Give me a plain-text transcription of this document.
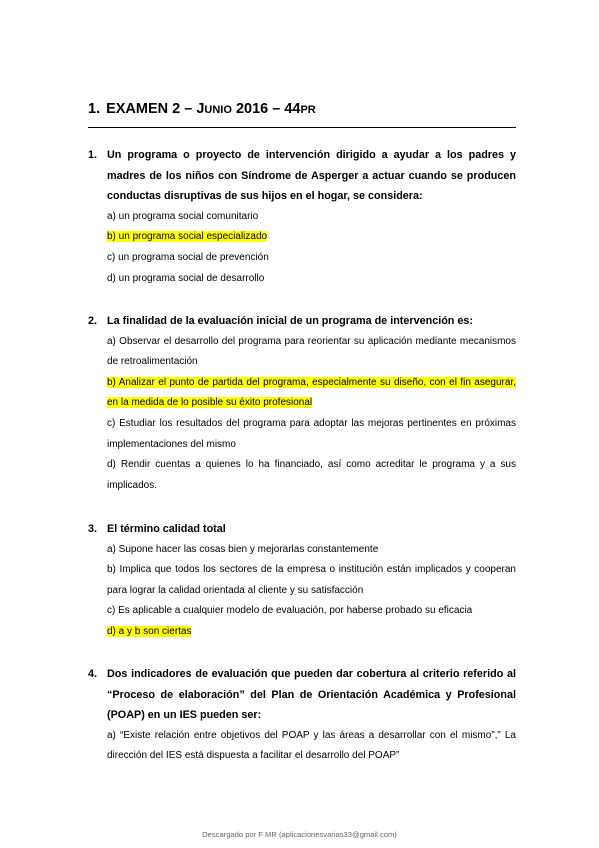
1. EXAMEN 2 – JUNIO 2016 – 44PR
1. Un programa o proyecto de intervención dirigido a ayudar a los padres y madres de los niños con Síndrome de Asperger a actuar cuando se producen conductas disruptivas de sus hijos en el hogar, se considera:
a) un programa social comunitario
b) un programa social especializado
c) un programa social de prevención
d) un programa social de desarrollo
2. La finalidad de la evaluación inicial de un programa de intervención es:
a) Observar el desarrollo del programa para reorientar su aplicación mediante mecanismos de retroalimentación
b) Analizar el punto de partida del programa, especialmente su diseño, con el fin asegurar, en la medida de lo posible su éxito profesional
c) Estudiar los resultados del programa para adoptar las mejoras pertinentes en próximas implementaciones del mismo
d) Rendir cuentas a quienes lo ha financiado, así como acreditar le programa y a sus implicados.
3. El término calidad total
a) Supone hacer las cosas bien y mejorarlas constantemente
b) Implica que todos los sectores de la empresa o institución están implicados y cooperan para lograr la calidad orientada al cliente y su satisfacción
c) Es aplicable a cualquier modelo de evaluación, por haberse probado su eficacia
d) a y b son ciertas
4. Dos indicadores de evaluación que pueden dar cobertura al criterio referido al “Proceso de elaboración” del Plan de Orientación Académica y Profesional (POAP) en un IES pueden ser:
a) “Existe relación entre objetivos del POAP y las áreas a desarrollar con el mismo”,” La dirección del IES está dispuesta a facilitar el desarrollo del POAP”
Descargado por F MR (aplicacionesvarias33@gmail.com)
